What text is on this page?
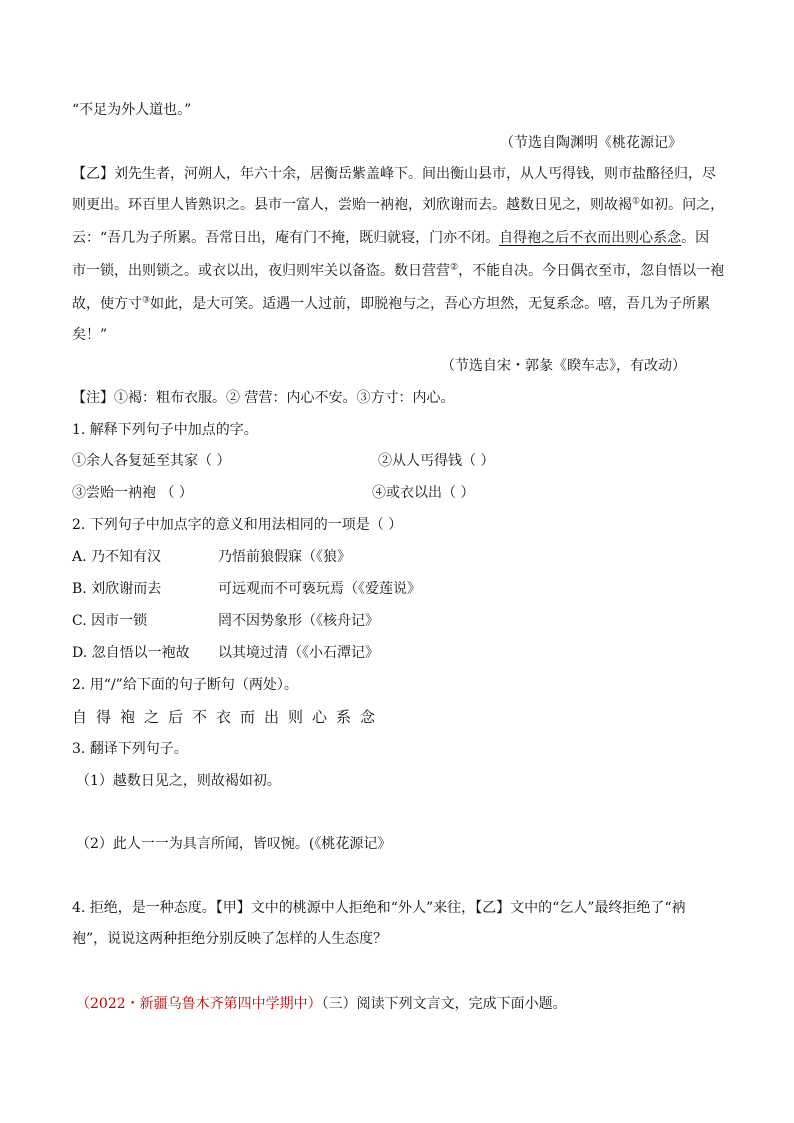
“不足为外人道也。”
（节选自陶渊明《桃花源记》
【乙】刘先生者，河朔人，年六十余，居衡岳紫盖峰下。间出衡山县市，从人丐得钱，则市盐酪径归，尽
则更出。环百里人皆熟识之。县市一富人，尝贻一衲袍，刘欣谢而去。越数日见之，则故褐①如初。问之，
云：“吾几为子所累。吾常日出，庵有门不掩，既归就寝，门亦不闭。自得袍之后不衣而出则心系念。因
市一锁，出则锁之。或衣以出，夜归则牢关以备盗。数日营营②，不能自决。今日偶衣至市，忽自悟以一袍
故，使方寸③如此，是大可笑。适遇一人过前，即脱袍与之，吾心方坦然，无复系念。嘻，吾几为子所累
矣！”
（节选自宋・郭彖《睽车志》，有改动）
【注】①褐：粗布衣服。② 营营：内心不安。③方寸：内心。
1. 解释下列句子中加点的字。
①余人各复延至其家（ ）	②从人丐得钱（ ）
③尝贻一衲袍 （ ）	④或衣以出（ ）
2. 下列句子中加点字的意义和用法相同的一项是（ ）
A. 乃不知有汉	乃悟前狼假寐（《狼》
B. 刘欣谢而去	可远观而不可亵玩焉（《爱莲说》
C. 因市一锁	罔不因势象形（《核舟记》
D. 忽自悟以一袍故 以其境过清（《小石潭记》
2. 用“/”给下面的句子断句（两处）。
自得袍之后不衣而出则心系念
3. 翻译下列句子。
（1）越数日见之，则故褐如初。
（2）此人一一为具言所闻，皆叹惋。(《桃花源记》
4. 拒绝，是一种态度。【甲】文中的桃源中人拒绝和“外人”来往，【乙】文中的“乞人”最终拒绝了“衲
袍”，说说这两种拒绝分别反映了怎样的人生态度？
（2022・新疆乌鲁木齐第四中学期中）（三）阅读下列文言文，完成下面小题。
